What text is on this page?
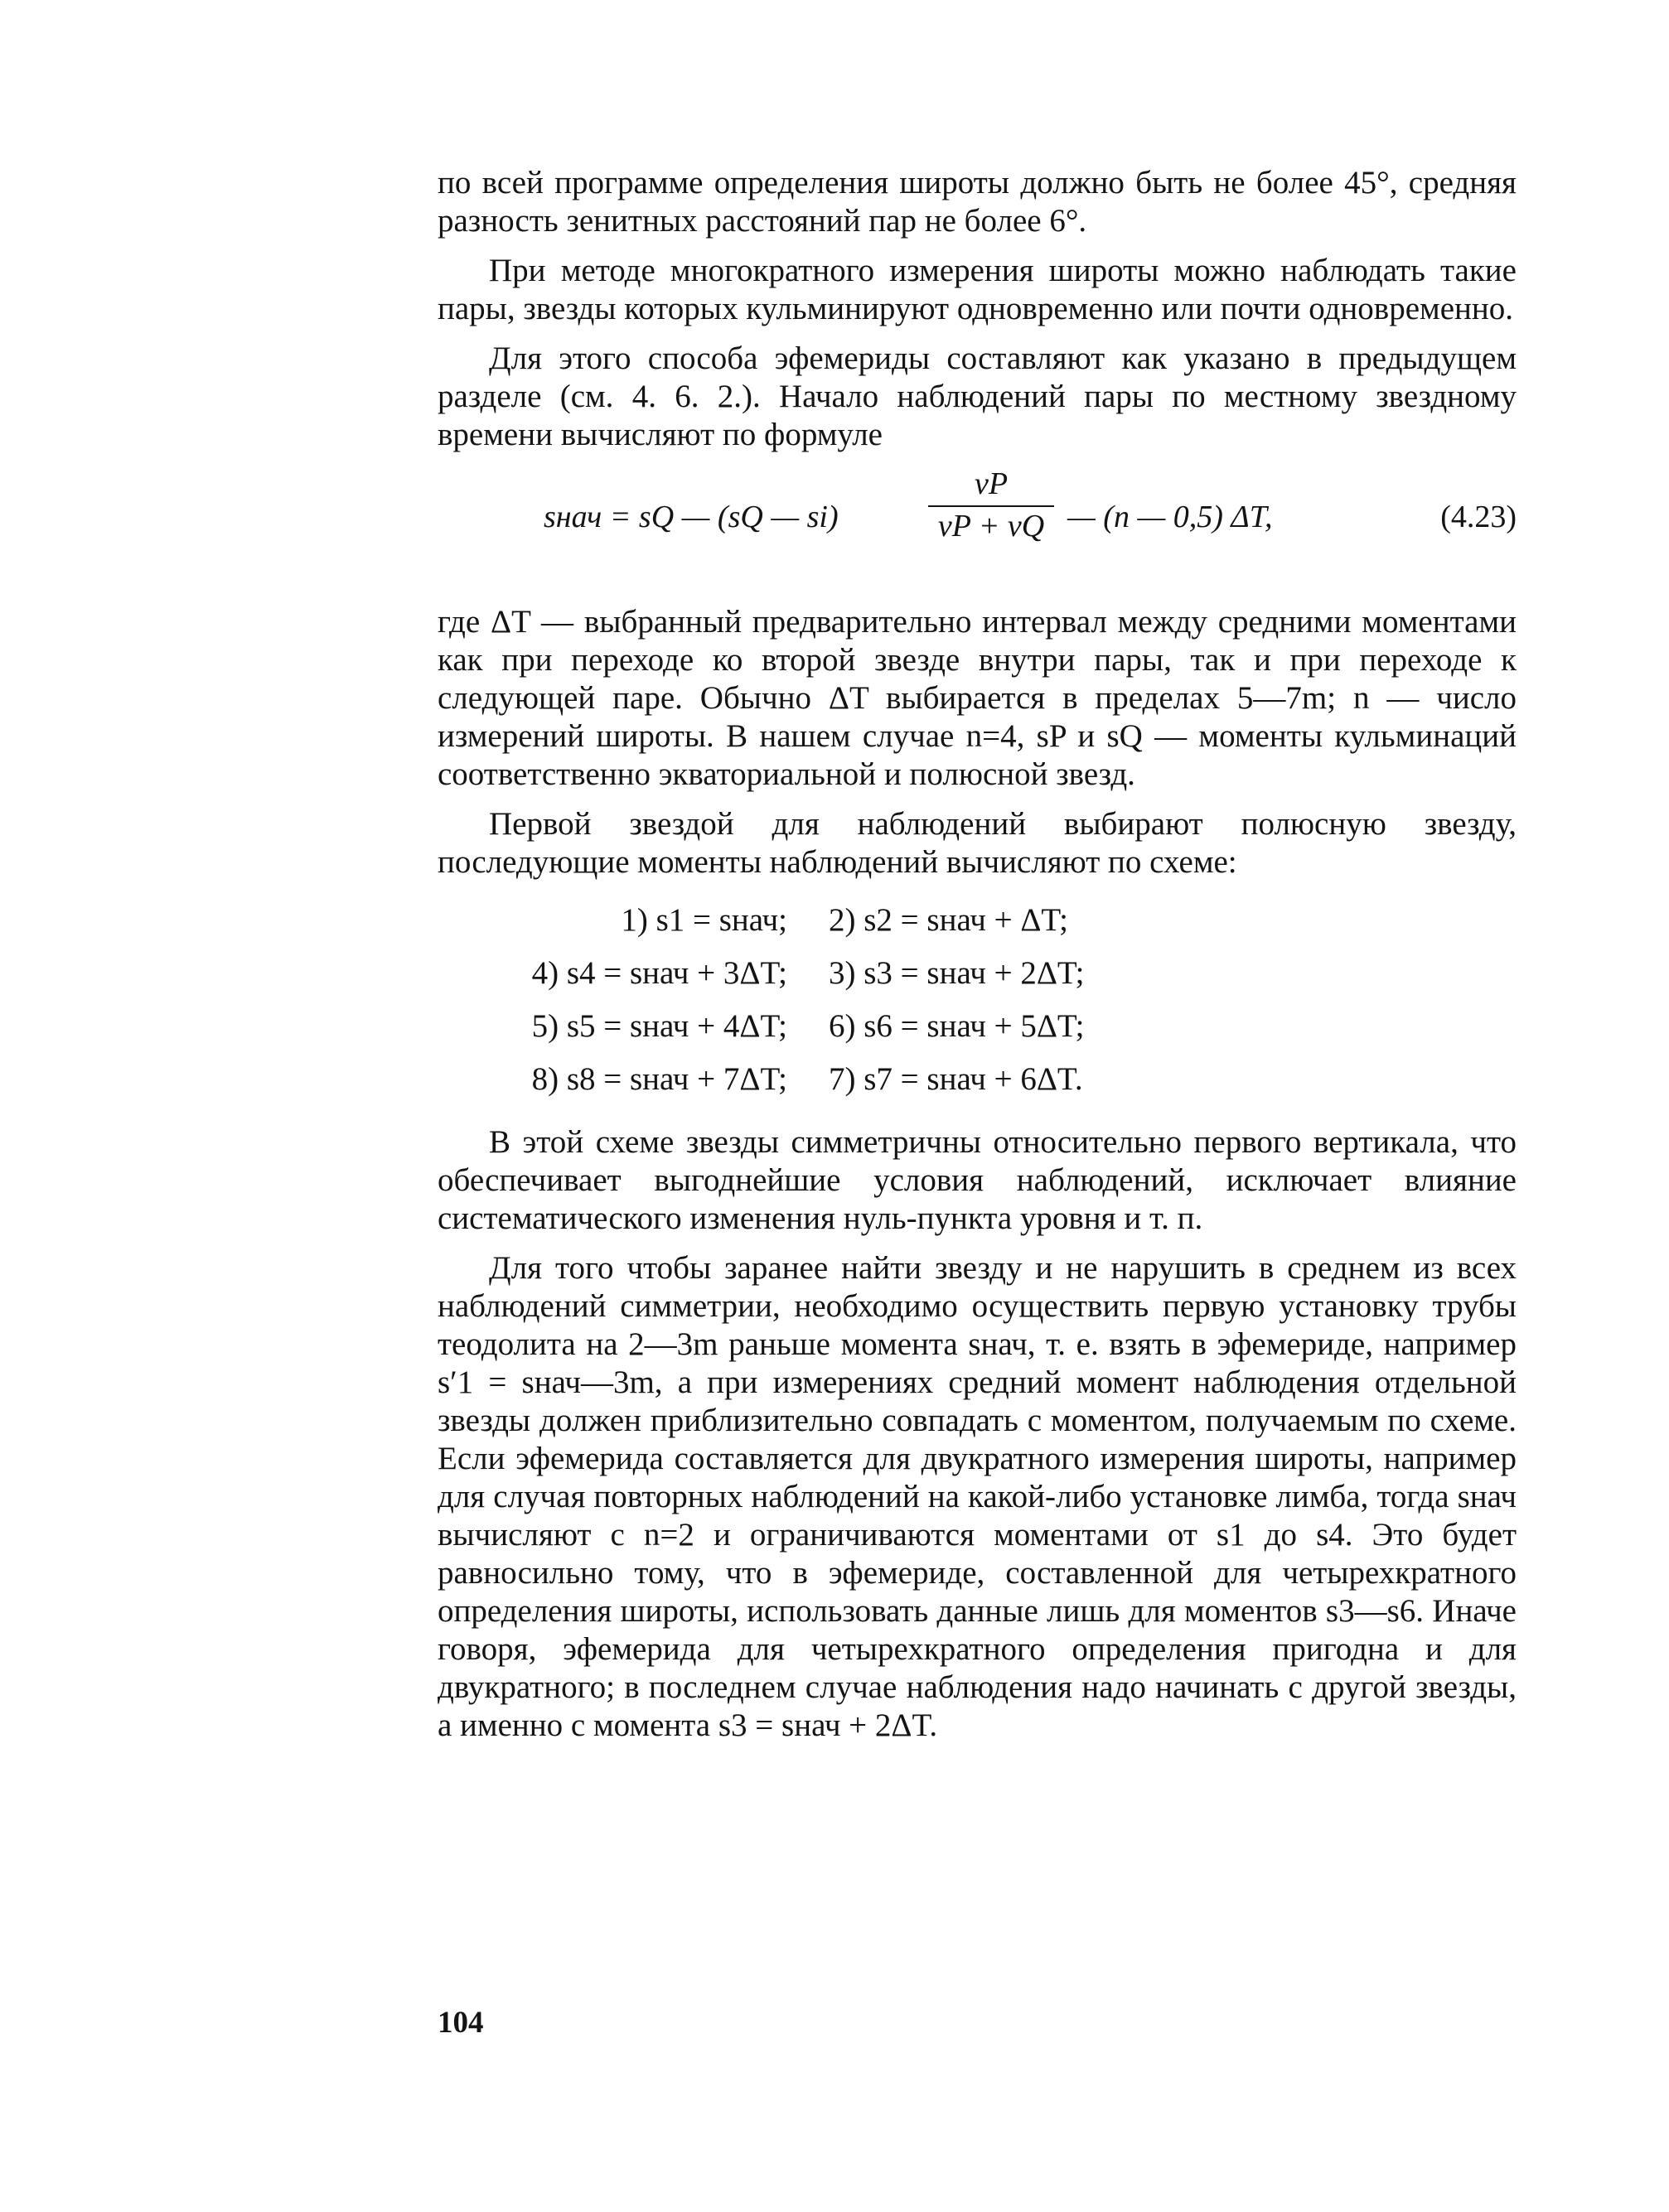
по всей программе определения широты должно быть не более 45°, средняя разность зенитных расстояний пар не более 6°.

При методе многократного измерения широты можно наблюдать такие пары, звезды которых кульминируют одновременно или почти одновременно.

Для этого способа эфемериды составляют как указано в предыдущем разделе (см. 4. 6. 2.). Начало наблюдений пары по местному звездному времени вычисляют по формуле

sнач = sQ — (sQ — si)
vP
vP + vQ — (n — 0,5) ΔT,	(4.23)

где ΔT — выбранный предварительно интервал между средними моментами как при переходе ко второй звезде внутри пары, так и при переходе к следующей паре. Обычно ΔT выбирается в пределах 5—7m; n — число измерений широты. В нашем случае n=4, sP и sQ — моменты кульминаций соответственно экваториальной и полюсной звезд.

Первой звездой для наблюдений выбирают полюсную звезду, последующие моменты наблюдений вычисляют по схеме:

1) s1 = sнач;	2) s2 = sнач + ΔT;
4) s4 = sнач + 3ΔT;	3) s3 = sнач + 2ΔT;
5) s5 = sнач + 4ΔT;	6) s6 = sнач + 5ΔT;
8) s8 = sнач + 7ΔT;	7) s7 = sнач + 6ΔT.

В этой схеме звезды симметричны относительно первого вертикала, что обеспечивает выгоднейшие условия наблюдений, исключает влияние систематического изменения нуль-пункта уровня и т. п.

Для того чтобы заранее найти звезду и не нарушить в среднем из всех наблюдений симметрии, необходимо осуществить первую установку трубы теодолита на 2—3m раньше момента sнач, т. е. взять в эфемериде, например s′1 = sнач—3m, а при измерениях средний момент наблюдения отдельной звезды должен приблизительно совпадать с моментом, получаемым по схеме. Если эфемерида составляется для двукратного измерения широты, например для случая повторных наблюдений на какой-либо установке лимба, тогда sнач вычисляют с n=2 и ограничиваются моментами от s1 до s4. Это будет равносильно тому, что в эфемериде, составленной для четырехкратного определения широты, использовать данные лишь для моментов s3—s6. Иначе говоря, эфемерида для четырехкратного определения пригодна и для двукратного; в последнем случае наблюдения надо начинать с другой звезды, а именно с момента s3 = sнач + 2ΔT.

104
